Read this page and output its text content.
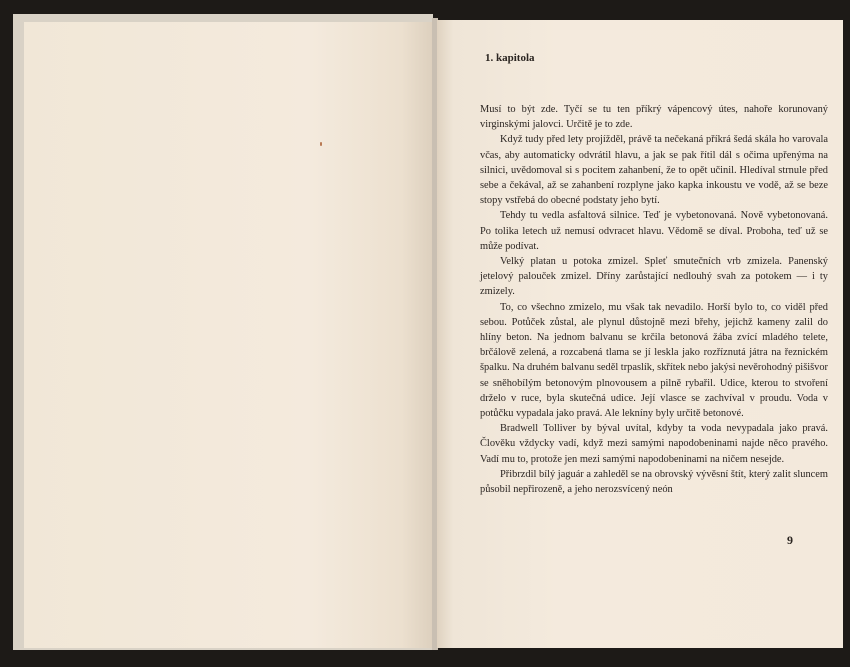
1. kapitola

Musí to být zde. Tyčí se tu ten příkrý vápencový útes, nahoře korunovaný virginskými jalovci. Určitě je to zde.

Když tudy před lety projížděl, právě ta nečekaná příkrá šedá skála ho varovala včas, aby automaticky odvrátil hlavu, a jak se pak řítil dál s očima upřenýma na silnici, uvědomoval si s pocitem zahanbení, že to opět učinil. Hledíval strnule před sebe a čekával, až se zahanbení rozplyne jako kapka inkoustu ve vodě, až se beze stopy vstřebá do obecné podstaty jeho bytí.

Tehdy tu vedla asfaltová silnice. Teď je vybetonovaná. Nově vybetonovaná. Po tolika letech už nemusí odvracet hlavu. Vědomě se díval. Proboha, teď už se může podívat.

Velký platan u potoka zmizel. Spleť smutečních vrb zmizela. Panenský jetelový palouček zmizel. Dříny zarůstající nedlouhý svah za potokem — i ty zmizely.

To, co všechno zmizelo, mu však tak nevadilo. Horší bylo to, co viděl před sebou. Potůček zůstal, ale plynul důstojně mezi břehy, jejichž kameny zalil do hlíny beton. Na jednom balvanu se krčila betonová žába zvící mladého telete, brčálově zelená, a rozcabená tlama se jí leskla jako rozříznutá játra na řeznickém špalku. Na druhém balvanu seděl trpaslík, skřítek nebo jakýsi nevěrohodný pišišvor se sněhobílým betonovým plnovousem a pilně rybařil. Udice, kterou to stvoření drželo v ruce, byla skutečná udice. Její vlasce se zachvíval v proudu. Voda v potůčku vypadala jako pravá. Ale lekníny byly určitě betonové.

Bradwell Tolliver by býval uvítal, kdyby ta voda nevypadala jako pravá. Člověku vždycky vadí, když mezi samými napodobeninami najde něco pravého. Vadí mu to, protože jen mezi samými napodobeninami na ničem nesejde.

Přibrzdil bílý jaguár a zahleděl se na obrovský vývěsní štít, který zalit sluncem působil nepřirozeně, a jeho nerozsvícený neón

9
